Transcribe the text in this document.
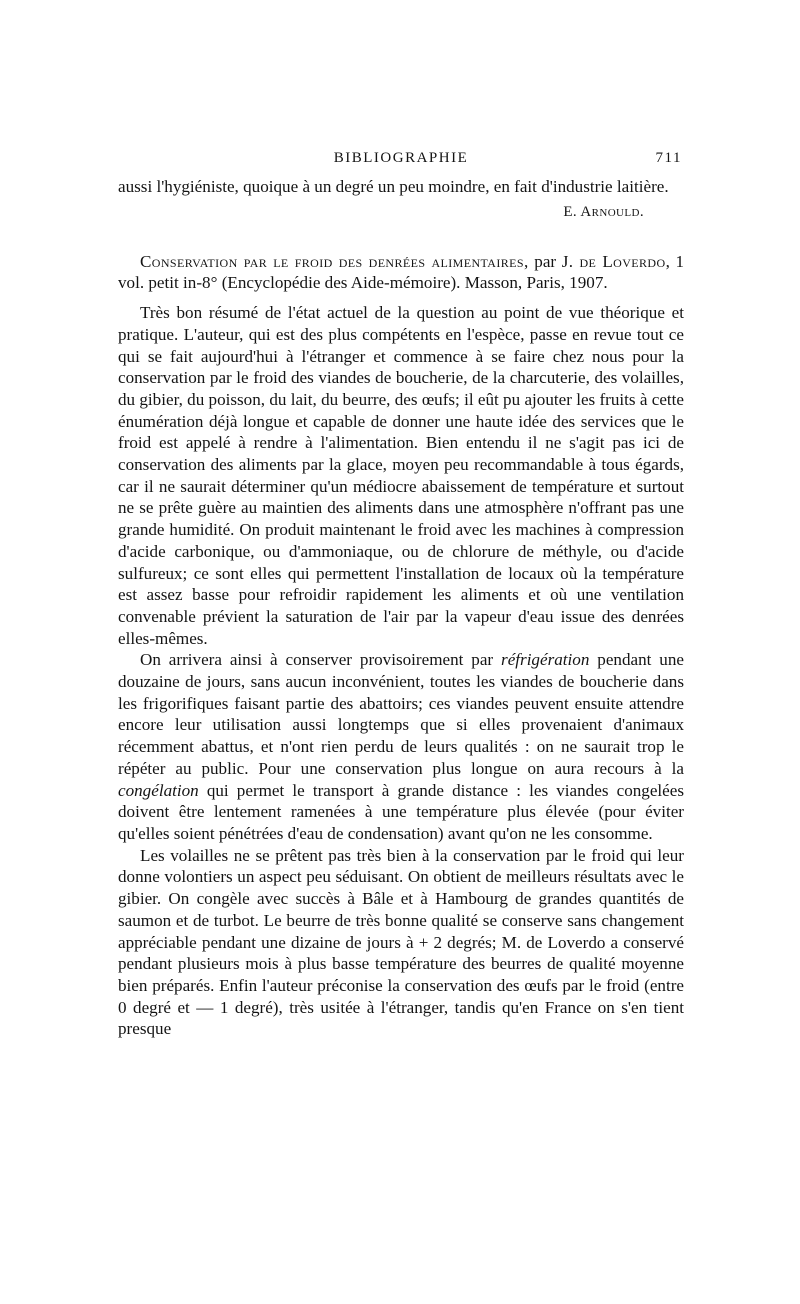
BIBLIOGRAPHIE	711

aussi l'hygiéniste, quoique à un degré un peu moindre, en fait d'industrie laitière.

E. Arnould.

Conservation par le froid des denrées alimentaires, par J. de Loverdo, 1 vol. petit in-8° (Encyclopédie des Aide-mémoire). Masson, Paris, 1907.

Très bon résumé de l'état actuel de la question au point de vue théorique et pratique. L'auteur, qui est des plus compétents en l'espèce, passe en revue tout ce qui se fait aujourd'hui à l'étranger et commence à se faire chez nous pour la conservation par le froid des viandes de boucherie, de la charcuterie, des volailles, du gibier, du poisson, du lait, du beurre, des œufs; il eût pu ajouter les fruits à cette énumération déjà longue et capable de donner une haute idée des services que le froid est appelé à rendre à l'alimentation. Bien entendu il ne s'agit pas ici de conservation des aliments par la glace, moyen peu recommandable à tous égards, car il ne saurait déterminer qu'un médiocre abaissement de température et surtout ne se prête guère au maintien des aliments dans une atmosphère n'offrant pas une grande humidité. On produit maintenant le froid avec les machines à compression d'acide carbonique, ou d'ammoniaque, ou de chlorure de méthyle, ou d'acide sulfureux; ce sont elles qui permettent l'installation de locaux où la température est assez basse pour refroidir rapidement les aliments et où une ventilation convenable prévient la saturation de l'air par la vapeur d'eau issue des denrées elles-mêmes.

On arrivera ainsi à conserver provisoirement par réfrigération pendant une douzaine de jours, sans aucun inconvénient, toutes les viandes de boucherie dans les frigorifiques faisant partie des abattoirs; ces viandes peuvent ensuite attendre encore leur utilisation aussi longtemps que si elles provenaient d'animaux récemment abattus, et n'ont rien perdu de leurs qualités : on ne saurait trop le répéter au public. Pour une conservation plus longue on aura recours à la congélation qui permet le transport à grande distance : les viandes congelées doivent être lentement ramenées à une température plus élevée (pour éviter qu'elles soient pénétrées d'eau de condensation) avant qu'on ne les consomme.

Les volailles ne se prêtent pas très bien à la conservation par le froid qui leur donne volontiers un aspect peu séduisant. On obtient de meilleurs résultats avec le gibier. On congèle avec succès à Bâle et à Hambourg de grandes quantités de saumon et de turbot. Le beurre de très bonne qualité se conserve sans changement appréciable pendant une dizaine de jours à + 2 degrés; M. de Loverdo a conservé pendant plusieurs mois à plus basse température des beurres de qualité moyenne bien préparés. Enfin l'auteur préconise la conservation des œufs par le froid (entre 0 degré et — 1 degré), très usitée à l'étranger, tandis qu'en France on s'en tient presque
